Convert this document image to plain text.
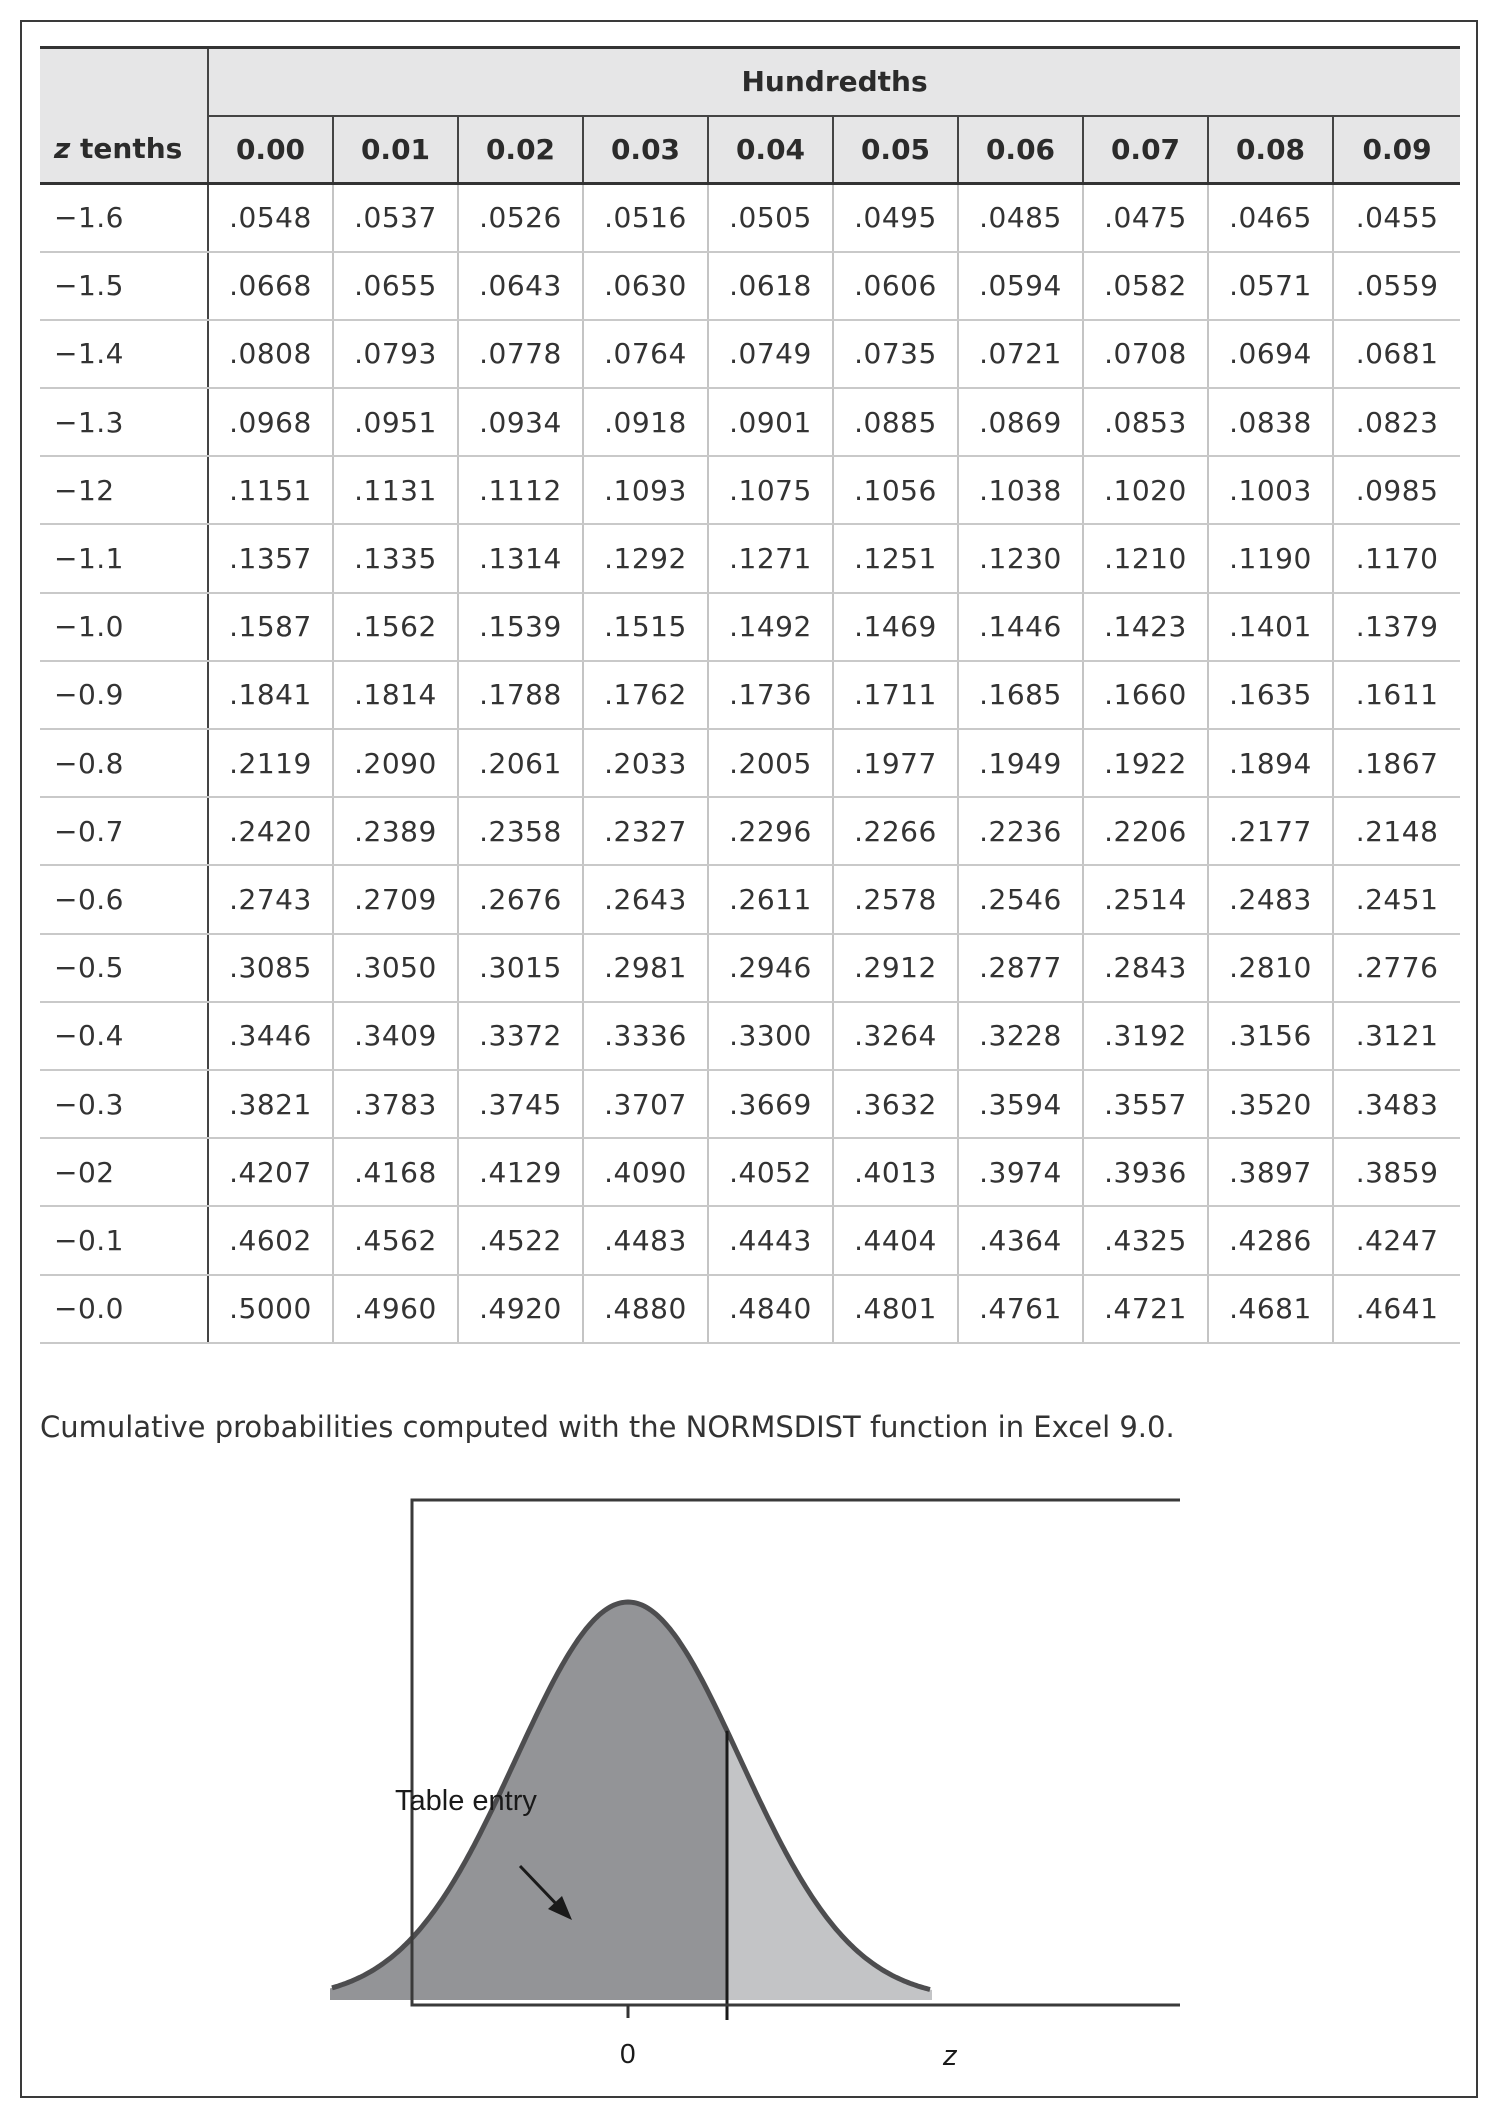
	Hundredths									
z tenths	0.00	0.01	0.02	0.03	0.04	0.05	0.06	0.07	0.08	0.09
−1.6	.0548	.0537	.0526	.0516	.0505	.0495	.0485	.0475	.0465	.0455
−1.5	.0668	.0655	.0643	.0630	.0618	.0606	.0594	.0582	.0571	.0559
−1.4	.0808	.0793	.0778	.0764	.0749	.0735	.0721	.0708	.0694	.0681
−1.3	.0968	.0951	.0934	.0918	.0901	.0885	.0869	.0853	.0838	.0823
−12	.1151	.1131	.1112	.1093	.1075	.1056	.1038	.1020	.1003	.0985
−1.1	.1357	.1335	.1314	.1292	.1271	.1251	.1230	.1210	.1190	.1170
−1.0	.1587	.1562	.1539	.1515	.1492	.1469	.1446	.1423	.1401	.1379
−0.9	.1841	.1814	.1788	.1762	.1736	.1711	.1685	.1660	.1635	.1611
−0.8	.2119	.2090	.2061	.2033	.2005	.1977	.1949	.1922	.1894	.1867
−0.7	.2420	.2389	.2358	.2327	.2296	.2266	.2236	.2206	.2177	.2148
−0.6	.2743	.2709	.2676	.2643	.2611	.2578	.2546	.2514	.2483	.2451
−0.5	.3085	.3050	.3015	.2981	.2946	.2912	.2877	.2843	.2810	.2776
−0.4	.3446	.3409	.3372	.3336	.3300	.3264	.3228	.3192	.3156	.3121
−0.3	.3821	.3783	.3745	.3707	.3669	.3632	.3594	.3557	.3520	.3483
−02	.4207	.4168	.4129	.4090	.4052	.4013	.3974	.3936	.3897	.3859
−0.1	.4602	.4562	.4522	.4483	.4443	.4404	.4364	.4325	.4286	.4247
−0.0	.5000	.4960	.4920	.4880	.4840	.4801	.4761	.4721	.4681	.4641
Cumulative probabilities computed with the NORMSDIST function in Excel 9.0.
Table entry
0	z
